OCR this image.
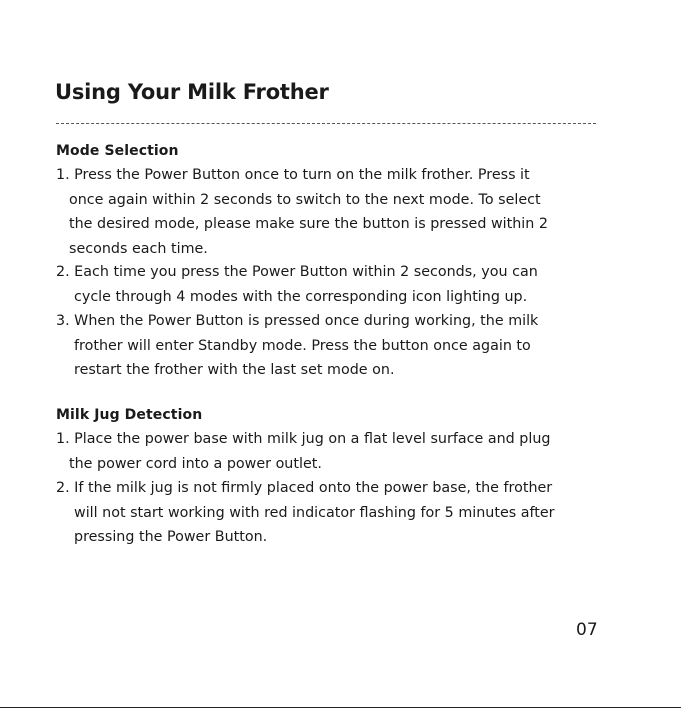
Using Your Milk Frother
Mode Selection

1. Press the Power Button once to turn on the milk frother. Press it
once again within 2 seconds to switch to the next mode. To select
the desired mode, please make sure the button is pressed within 2
seconds each time.

2. Each time you press the Power Button within 2 seconds, you can
cycle through 4 modes with the corresponding icon lighting up.

3. When the Power Button is pressed once during working, the milk
frother will enter Standby mode. Press the button once again to
restart the frother with the last set mode on.

Milk Jug Detection

1. Place the power base with milk jug on a flat level surface and plug
the power cord into a power outlet.

2. If the milk jug is not firmly placed onto the power base, the frother
will not start working with red indicator flashing for 5 minutes after
pressing the Power Button.

07
